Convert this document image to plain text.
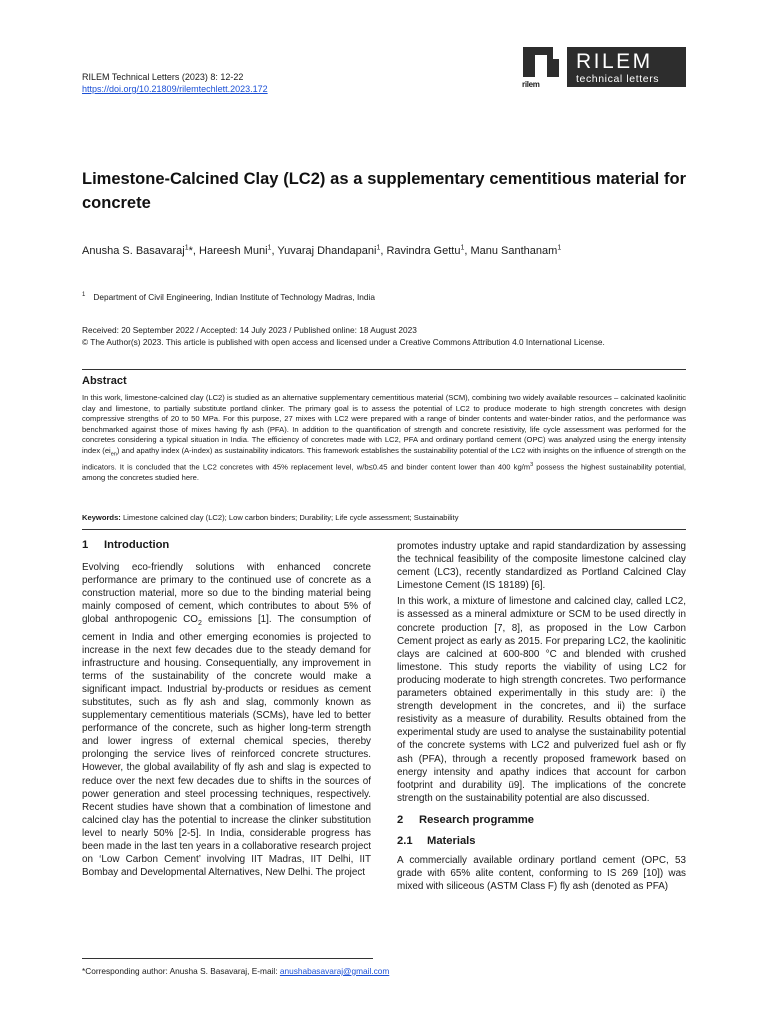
RILEM Technical Letters (2023) 8: 12-22
https://doi.org/10.21809/rilemtechlett.2023.172	rilem
RILEM
technical letters
Limestone-Calcined Clay (LC2) as a supplementary cementitious material for concrete
Anusha S. Basavaraj$^1$*, Hareesh Muni$^1$, Yuvaraj Dhandapani$^1$, Ravindra Gettu$^1$, Manu Santhanam$^1$
$^1$ Department of Civil Engineering, Indian Institute of Technology Madras, India
Received: 20 September 2022 / Accepted: 14 July 2023 / Published online: 18 August 2023
© The Author(s) 2023. This article is published with open access and licensed under a Creative Commons Attribution 4.0 International License.
Abstract

In this work, limestone-calcined clay (LC2) is studied as an alternative supplementary cementitious material (SCM), combining two widely available resources – calcinated kaolinitic clay and limestone, to partially substitute portland clinker. The primary goal is to assess the potential of LC2 to produce moderate to high strength concretes with design compressive strengths of 20 to 50 MPa. For this purpose, 27 mixes with LC2 were prepared with a range of binder contents and water-binder ratios, and the performance was benchmarked against those of mixes having fly ash (PFA). In addition to the quantification of strength and concrete resistivity, life cycle assessment was performed for the concretes considering a typical situation in India. The efficiency of concretes made with LC2, PFA and ordinary portland cement (OPC) was analyzed using the energy intensity index $(ei_{en})$ and apathy index (A-index) as sustainability indicators. This framework establishes the sustainability potential of the LC2 with insights on the influence of strength on the indicators. It is concluded that the LC2 concretes with 45% replacement level, w/b≤0.45 and binder content lower than 400 $kg/m^3$ possess the highest sustainability potential, among the concretes studied here.

Keywords: Limestone calcined clay (LC2); Low carbon binders; Durability; Life cycle assessment; Sustainability
1 Introduction

Evolving eco-friendly solutions with enhanced concrete performance are primary to the continued use of concrete as a construction material, more so due to the binding material being mainly composed of cement, which contributes to about 5% of global anthropogenic $CO_2$ emissions [1]. The consumption of cement in India and other emerging economies is projected to increase in the next few decades due to the steady demand for infrastructure and housing. Consequentially, any improvement in terms of the sustainability of the concrete would make a significant impact. Industrial by-products or residues as cement substitutes, such as fly ash and slag, commonly known as supplementary cementitious materials (SCMs), have led to better performance of the concrete, such as higher long-term strength and lower ingress of external chemical species, thereby prolonging the service lives of reinforced concrete structures. However, the global availability of fly ash and slag is expected to reduce over the next few decades due to shifts in the sources of power generation and steel processing techniques, respectively. Recent studies have shown that a combination of limestone and calcined clay has the potential to increase the clinker substitution level to nearly 50% [2-5]. In India, considerable progress has been made in the last ten years in a collaborative research project on ‘Low Carbon Cement’ involving IIT Madras, IIT Delhi, IIT Bombay and Developmental Alternatives, New Delhi. The project

promotes industry uptake and rapid standardization by assessing the technical feasibility of the composite limestone calcined clay cement (LC3), recently standardized as Portland Calcined Clay Limestone Cement (IS 18189) [6].

In this work, a mixture of limestone and calcined clay, called LC2, is assessed as a mineral admixture or SCM to be used directly in concrete production [7, 8], as proposed in the Low Carbon Cement project as early as 2015. For preparing LC2, the kaolinitic clays are calcined at 600-800 °C and blended with crushed limestone. This study reports the viability of using LC2 for producing moderate to high strength concretes. Two performance parameters obtained experimentally in this study are: i) the strength development in the concretes, and ii) the surface resistivity as a measure of durability. Results obtained from the experimental study are used to analyse the sustainability potential of the concrete systems with LC2 and pulverized fuel ash or fly ash (PFA), through a recently proposed framework based on energy intensity and apathy indices that account for carbon footprint and durability ü9]. The implications of the concrete strength on the sustainability potential are also discussed.

2 Research programme
2.1 Materials

A commercially available ordinary portland cement (OPC, 53 grade with 65% alite content, conforming to IS 269 [10]) was mixed with siliceous (ASTM Class F) fly ash (denoted as PFA)

*Corresponding author: Anusha S. Basavaraj, E-mail: anushabasavaraj@gmail.com
